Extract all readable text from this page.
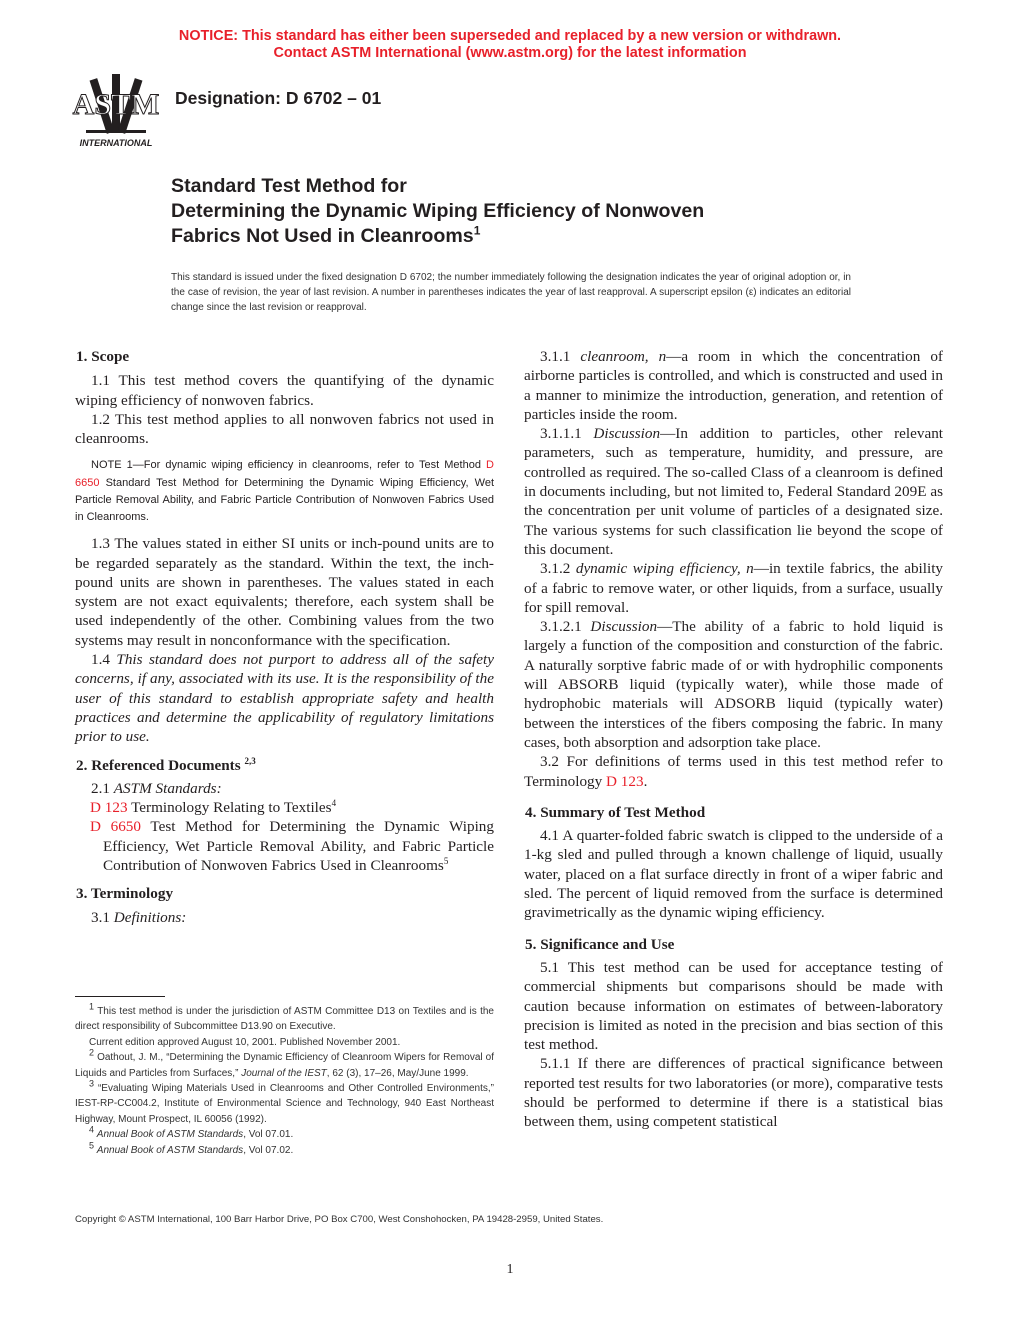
NOTICE: This standard has either been superseded and replaced by a new version or withdrawn.
Contact ASTM International (www.astm.org) for the latest information
ASTM
INTERNATIONAL
Designation: D 6702 – 01
Standard Test Method for
Determining the Dynamic Wiping Efficiency of Nonwoven
Fabrics Not Used in Cleanrooms$^1$
This standard is issued under the fixed designation D 6702; the number immediately following the designation indicates the year of original adoption or, in the case of revision, the year of last revision. A number in parentheses indicates the year of last reapproval. A superscript epsilon (ε) indicates an editorial change since the last revision or reapproval.
1. Scope

1.1 This test method covers the quantifying of the dynamic wiping efficiency of nonwoven fabrics.

1.2 This test method applies to all nonwoven fabrics not used in cleanrooms.

NOTE 1—For dynamic wiping efficiency in cleanrooms, refer to Test Method D 6650 Standard Test Method for Determining the Dynamic Wiping Efficiency, Wet Particle Removal Ability, and Fabric Particle Contribution of Nonwoven Fabrics Used in Cleanrooms.

1.3 The values stated in either SI units or inch-pound units are to be regarded separately as the standard. Within the text, the inch-pound units are shown in parentheses. The values stated in each system are not exact equivalents; therefore, each system shall be used independently of the other. Combining values from the two systems may result in nonconformance with the specification.

1.4 This standard does not purport to address all of the safety concerns, if any, associated with its use. It is the responsibility of the user of this standard to establish appropriate safety and health practices and determine the applicability of regulatory limitations prior to use.

2. Referenced Documents $^{2,3}$

2.1 ASTM Standards:

D 123 Terminology Relating to Textiles$^4$

D 6650 Test Method for Determining the Dynamic Wiping Efficiency, Wet Particle Removal Ability, and Fabric Particle Contribution of Nonwoven Fabrics Used in Cleanrooms$^5$

3. Terminology

3.1 Definitions:

$^1$ This test method is under the jurisdiction of ASTM Committee D13 on Textiles and is the direct responsibility of Subcommittee D13.90 on Executive.

Current edition approved August 10, 2001. Published November 2001.

$^2$ Oathout, J. M., “Determining the Dynamic Efficiency of Cleanroom Wipers for Removal of Liquids and Particles from Surfaces,” Journal of the IEST, 62 (3), 17–26, May/June 1999.

$^3$ “Evaluating Wiping Materials Used in Cleanrooms and Other Controlled Environments,” IEST-RP-CC004.2, Institute of Environmental Science and Technology, 940 East Northeast Highway, Mount Prospect, IL 60056 (1992).

$^4$ Annual Book of ASTM Standards, Vol 07.01.

$^5$ Annual Book of ASTM Standards, Vol 07.02.

3.1.1 cleanroom, n—a room in which the concentration of airborne particles is controlled, and which is constructed and used in a manner to minimize the introduction, generation, and retention of particles inside the room.

3.1.1.1 Discussion—In addition to particles, other relevant parameters, such as temperature, humidity, and pressure, are controlled as required. The so-called Class of a cleanroom is defined in documents including, but not limited to, Federal Standard 209E as the concentration per unit volume of particles of a designated size. The various systems for such classification lie beyond the scope of this document.

3.1.2 dynamic wiping efficiency, n—in textile fabrics, the ability of a fabric to remove water, or other liquids, from a surface, usually for spill removal.

3.1.2.1 Discussion—The ability of a fabric to hold liquid is largely a function of the composition and consturction of the fabric. A naturally sorptive fabric made of or with hydrophilic components will ABSORB liquid (typically water), while those made of hydrophobic materials will ADSORB liquid (typically water) between the interstices of the fibers composing the fabric. In many cases, both absorption and adsorption take place.

3.2 For definitions of terms used in this test method refer to Terminology D 123.

4. Summary of Test Method

4.1 A quarter-folded fabric swatch is clipped to the underside of a 1-kg sled and pulled through a known challenge of liquid, usually water, placed on a flat surface directly in front of a wiper fabric and sled. The percent of liquid removed from the surface is determined gravimetrically as the dynamic wiping efficiency.

5. Significance and Use

5.1 This test method can be used for acceptance testing of commercial shipments but comparisons should be made with caution because information on estimates of between-laboratory precision is limited as noted in the precision and bias section of this test method.

5.1.1 If there are differences of practical significance between reported test results for two laboratories (or more), comparative tests should be performed to determine if there is a statistical bias between them, using competent statistical

Copyright © ASTM International, 100 Barr Harbor Drive, PO Box C700, West Conshohocken, PA 19428-2959, United States.
1
